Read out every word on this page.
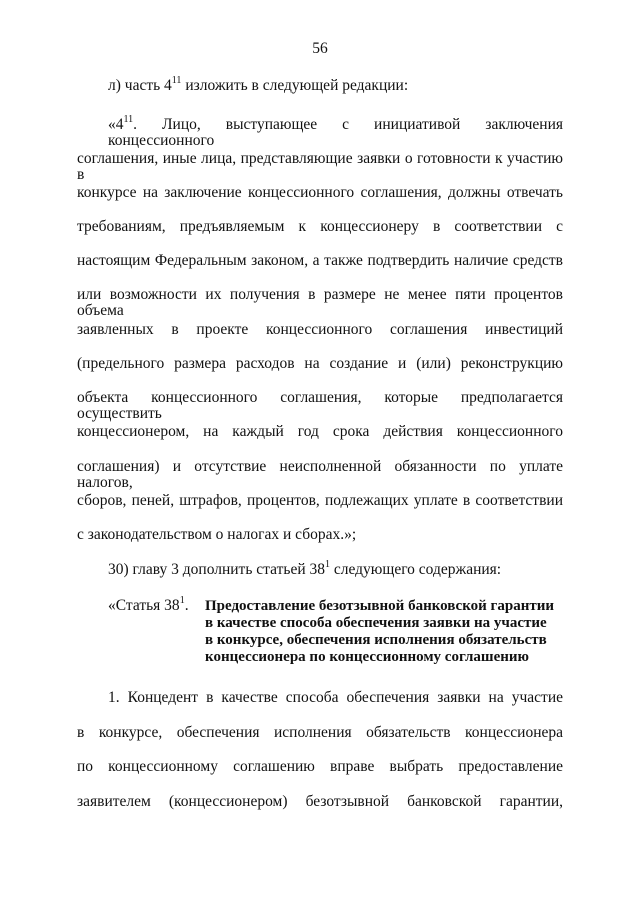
56
л) часть $4^{11}$ изложить в следующей редакции:
«$4^{11}$. Лицо, выступающее с инициативой заключения концессионного
соглашения, иные лица, представляющие заявки о готовности к участию в
конкурсе на заключение концессионного соглашения, должны отвечать
требованиям, предъявляемым к концессионеру в соответствии с
настоящим Федеральным законом, а также подтвердить наличие средств
или возможности их получения в размере не менее пяти процентов объема
заявленных в проекте концессионного соглашения инвестиций
(предельного размера расходов на создание и (или) реконструкцию
объекта концессионного соглашения, которые предполагается осуществить
концессионером, на каждый год срока действия концессионного
соглашения) и отсутствие неисполненной обязанности по уплате налогов,
сборов, пеней, штрафов, процентов, подлежащих уплате в соответствии
с законодательством о налогах и сборах.»;
30) главу 3 дополнить статьей $38^1$ следующего содержания:
«Статья $38^1$. Предоставление безотзывной банковской гарантии
в качестве способа обеспечения заявки на участие
в конкурсе, обеспечения исполнения обязательств
концессионера по концессионному соглашению
1. Концедент в качестве способа обеспечения заявки на участие
в конкурсе, обеспечения исполнения обязательств концессионера
по концессионному соглашению вправе выбрать предоставление
заявителем (концессионером) безотзывной банковской гарантии,
